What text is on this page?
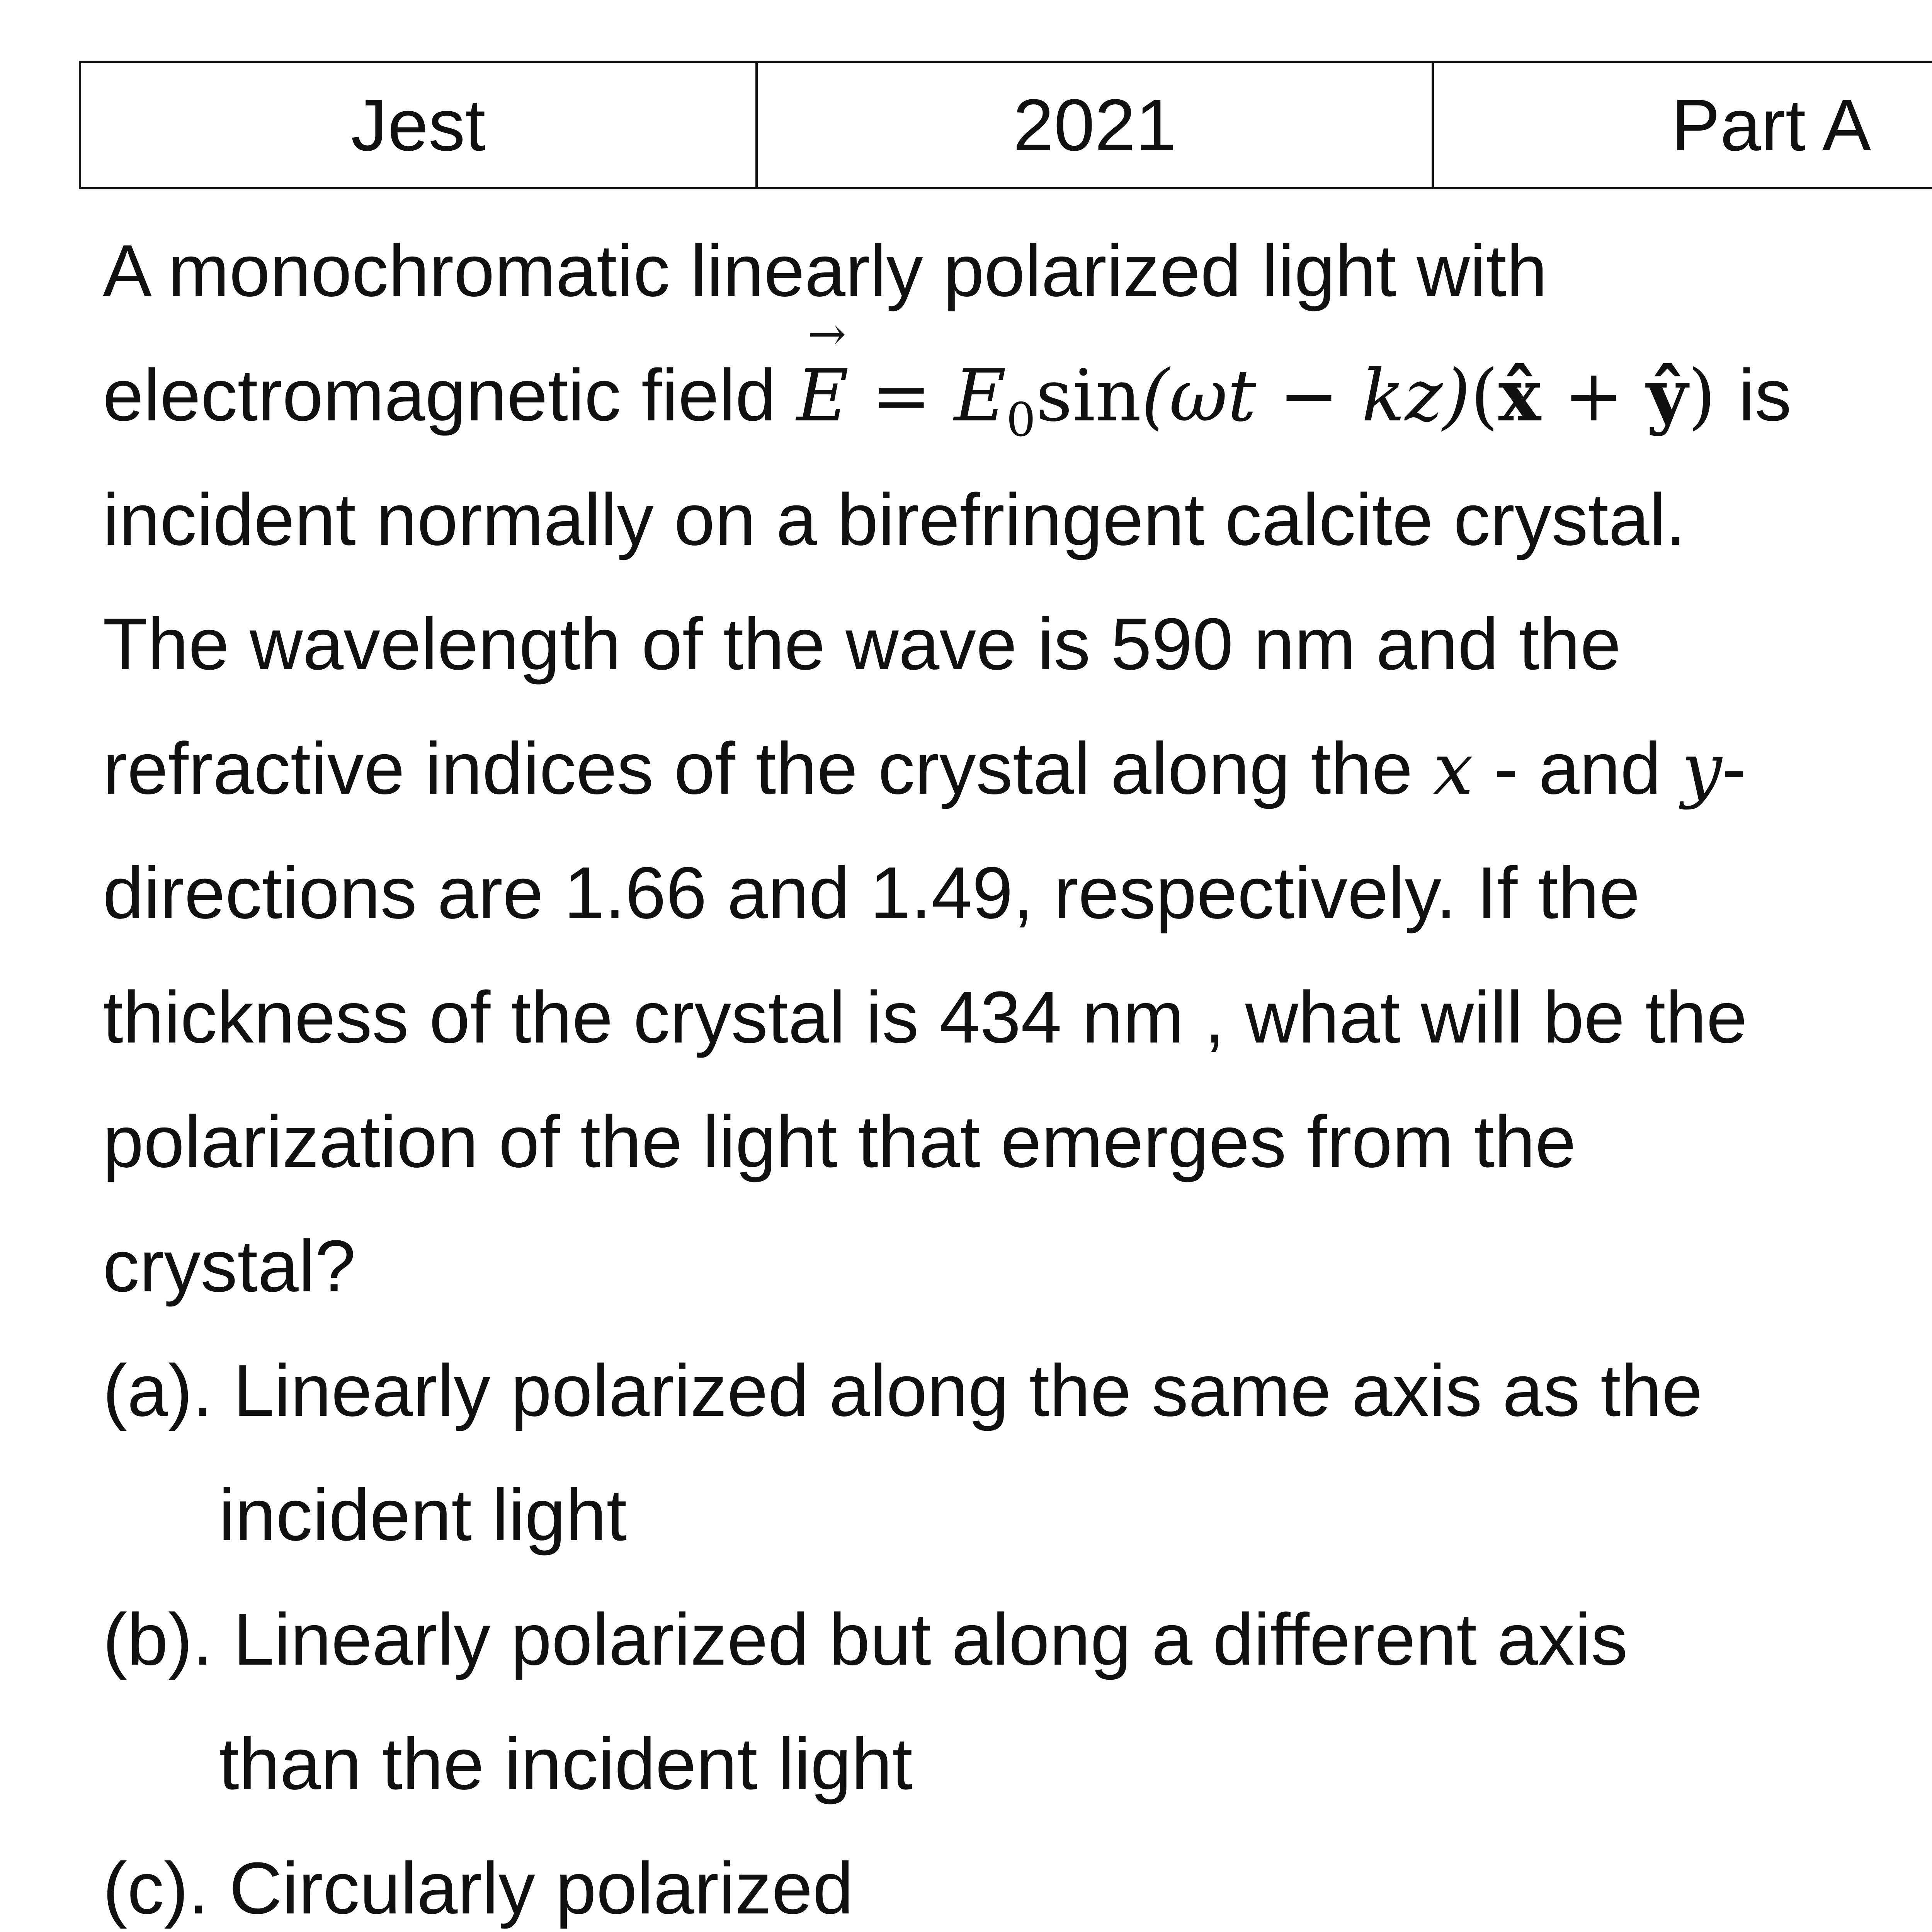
Jest	2021	Part A
A monochromatic linearly polarized light with
electromagnetic field E
→
= $E_0\sin(\omega t$ − kz)(x̂ + ŷ) is
incident normally on a birefringent calcite crystal.
The wavelength of the wave is 590 nm and the
refractive indices of the crystal along the x - and y-
directions are 1.66 and 1.49, respectively. If the
thickness of the crystal is 434 nm , what will be the
polarization of the light that emerges from the
crystal?
(a). Linearly polarized along the same axis as the
incident light
(b). Linearly polarized but along a different axis
than the incident light
(c). Circularly polarized
